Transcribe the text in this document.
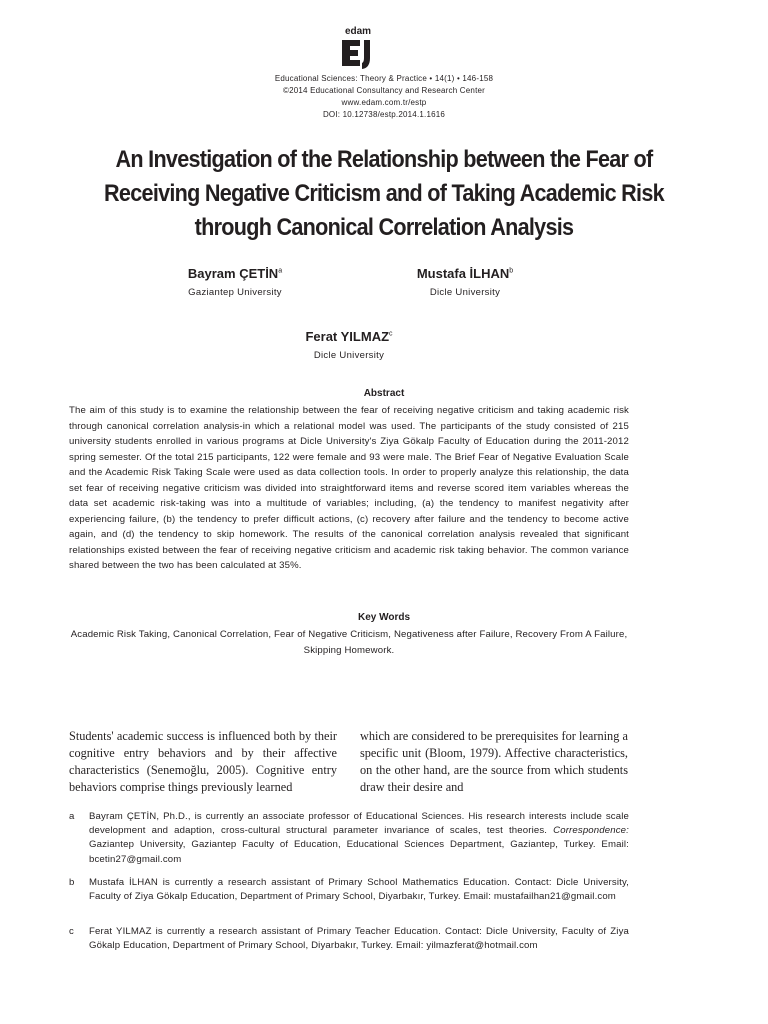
edam
Educational Sciences: Theory & Practice • 14(1) • 146-158
©2014 Educational Consultancy and Research Center
www.edam.com.tr/estp
DOI: 10.12738/estp.2014.1.1616
An Investigation of the Relationship between the Fear of Receiving Negative Criticism and of Taking Academic Risk through Canonical Correlation Analysis
Bayram ÇETİN$^a$
Gaziantep University
Mustafa İLHAN$^b$
Dicle University
Ferat YILMAZ$^c$
Dicle University
Abstract
The aim of this study is to examine the relationship between the fear of receiving negative criticism and taking academic risk through canonical correlation analysis-in which a relational model was used. The participants of the study consisted of 215 university students enrolled in various programs at Dicle University's Ziya Gökalp Faculty of Education during the 2011-2012 spring semester. Of the total 215 participants, 122 were female and 93 were male. The Brief Fear of Negative Evaluation Scale and the Academic Risk Taking Scale were used as data collection tools. In order to properly analyze this relationship, the data set fear of receiving negative criticism was divided into straightforward items and reverse scored item variables whereas the data set academic risk-taking was into a multitude of variables; including, (a) the tendency to manifest negativity after experiencing failure, (b) the tendency to prefer difficult actions, (c) recovery after failure and the tendency to become active again, and (d) the tendency to skip homework. The results of the canonical correlation analysis revealed that significant relationships existed between the fear of receiving negative criticism and academic risk taking behavior. The common variance shared between the two has been calculated at 35%.
Key Words
Academic Risk Taking, Canonical Correlation, Fear of Negative Criticism, Negativeness after Failure, Recovery From A Failure, Skipping Homework.
Students' academic success is influenced both by their cognitive entry behaviors and by their affective characteristics (Senemoğlu, 2005). Cognitive entry behaviors comprise things previously learned
which are considered to be prerequisites for learning a specific unit (Bloom, 1979). Affective characteristics, on the other hand, are the source from which students draw their desire and
a Bayram ÇETİN, Ph.D., is currently an associate professor of Educational Sciences. His research interests include scale development and adaption, cross-cultural structural parameter invariance of scales, test theories. Correspondence: Gaziantep University, Gaziantep Faculty of Education, Educational Sciences Department, Gaziantep, Turkey. Email: bcetin27@gmail.com
b Mustafa İLHAN is currently a research assistant of Primary School Mathematics Education. Contact: Dicle University, Faculty of Ziya Gökalp Education, Department of Primary School, Diyarbakır, Turkey. Email: mustafailhan21@gmail.com
c Ferat YILMAZ is currently a research assistant of Primary Teacher Education. Contact: Dicle University, Faculty of Ziya Gökalp Education, Department of Primary School, Diyarbakır, Turkey. Email: yilmazferat@hotmail.com
